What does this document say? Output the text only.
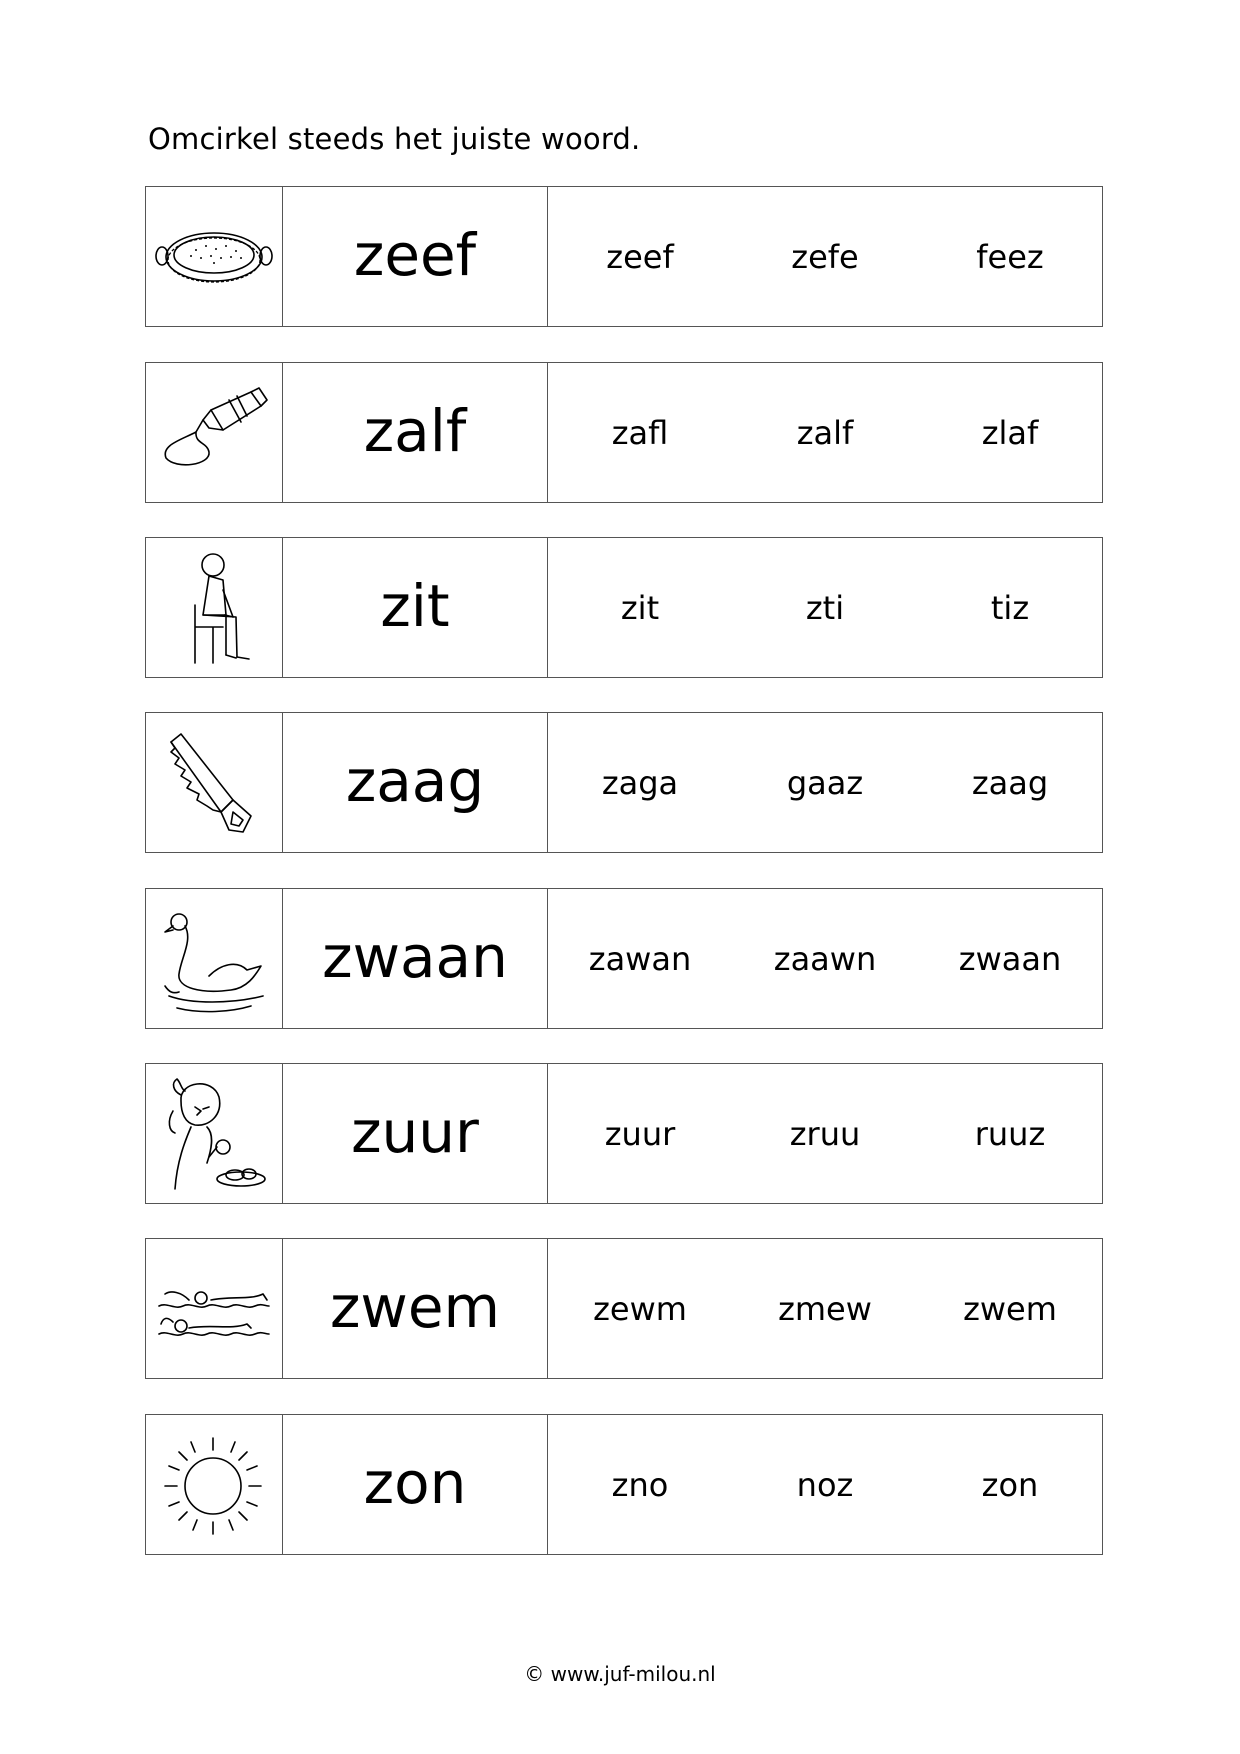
Omcirkel steeds het juiste woord.
zeef	zeef	zefe	feez
zalf	zafl	zalf	zlaf
zit	zit	zti	tiz
zaag	zaga	gaaz	zaag
zwaan	zawan	zaawn	zwaan
zuur	zuur	zruu	ruuz
zwem	zewm	zmew	zwem
zon	zno	noz	zon
© www.juf-milou.nl
